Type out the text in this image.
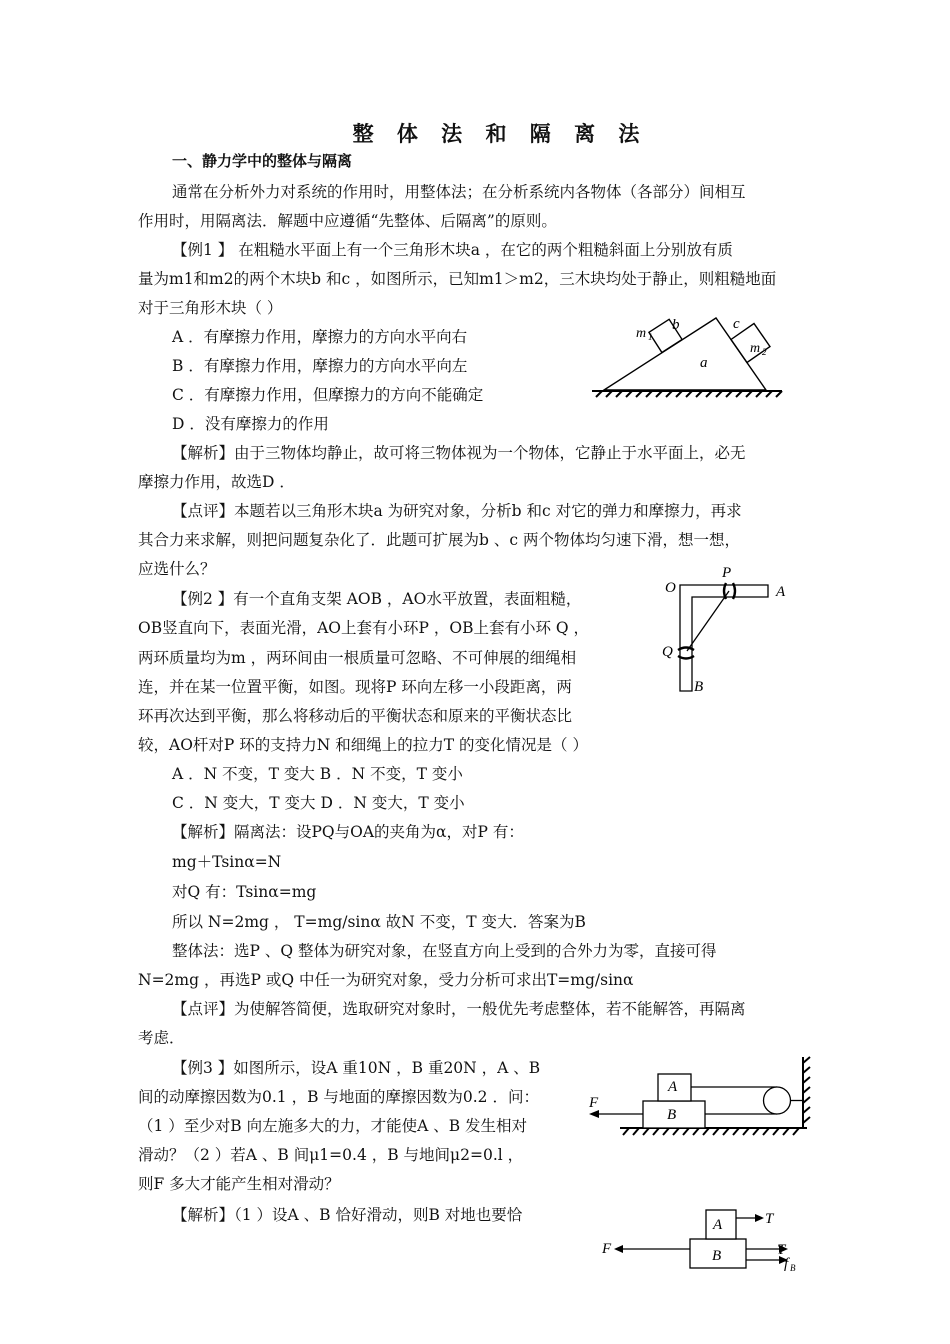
整 体 法 和 隔 离 法
一、静力学中的整体与隔离
通常在分析外力对系统的作用时，用整体法；在分析系统内各物体（各部分）间相互
作用时，用隔离法．解题中应遵循“先整体、后隔离”的原则。
【例1 】 在粗糙水平面上有一个三角形木块a ，在它的两个粗糙斜面上分别放有质
量为m1和m2的两个木块b 和c ，如图所示，已知m1＞m2，三木块均处于静止，则粗糙地面
对于三角形木块（ ）
A ．有摩擦力作用，摩擦力的方向水平向右
B ．有摩擦力作用，摩擦力的方向水平向左
C ．有摩擦力作用，但摩擦力的方向不能确定
D ．没有摩擦力的作用
【解析】由于三物体均静止，故可将三物体视为一个物体，它静止于水平面上，必无
摩擦力作用，故选D ．
【点评】本题若以三角形木块a 为研究对象，分析b 和c 对它的弹力和摩擦力，再求
其合力来求解，则把问题复杂化了．此题可扩展为b 、c 两个物体均匀速下滑，想一想，
应选什么？
【例2 】有一个直角支架 AOB ，AO水平放置，表面粗糙，
OB竖直向下，表面光滑，AO上套有小环P ，OB上套有小环 Q ，
两环质量均为m ，两环间由一根质量可忽略、不可伸展的细绳相
连，并在某一位置平衡，如图。现将P 环向左移一小段距离，两
环再次达到平衡，那么将移动后的平衡状态和原来的平衡状态比
较，AO杆对P 环的支持力N 和细绳上的拉力T 的变化情况是（ ）
A ．N 不变，T 变大 B ．N 不变，T 变小
C ．N 变大，T 变大 D ．N 变大，T 变小
【解析】隔离法：设PQ与OA的夹角为α，对P 有：
mg＋Tsinα=N
对Q 有：Tsinα=mg
所以 N=2mg ， T=mg/sinα 故N 不变，T 变大．答案为B
整体法：选P 、Q 整体为研究对象，在竖直方向上受到的合外力为零，直接可得
N=2mg ，再选P 或Q 中任一为研究对象，受力分析可求出T=mg/sinα
【点评】为使解答简便，选取研究对象时，一般优先考虑整体，若不能解答，再隔离
考虑．
【例3 】如图所示，设A 重10N ，B 重20N ，A 、B
间的动摩擦因数为0.1 ，B 与地面的摩擦因数为0.2 ．问：
（1 ）至少对B 向左施多大的力，才能使A 、B 发生相对
滑动？（2 ）若A 、B 间μ1=0.4 ，B 与地间μ2=0.l ，
则F 多大才能产生相对滑动？
【解析】（1 ）设A 、B 恰好滑动，则B 对地也要恰
b	c
m 1
m 2
a
O
P
A
Q
B
A
B
F
A
B
T
T
f B
F
